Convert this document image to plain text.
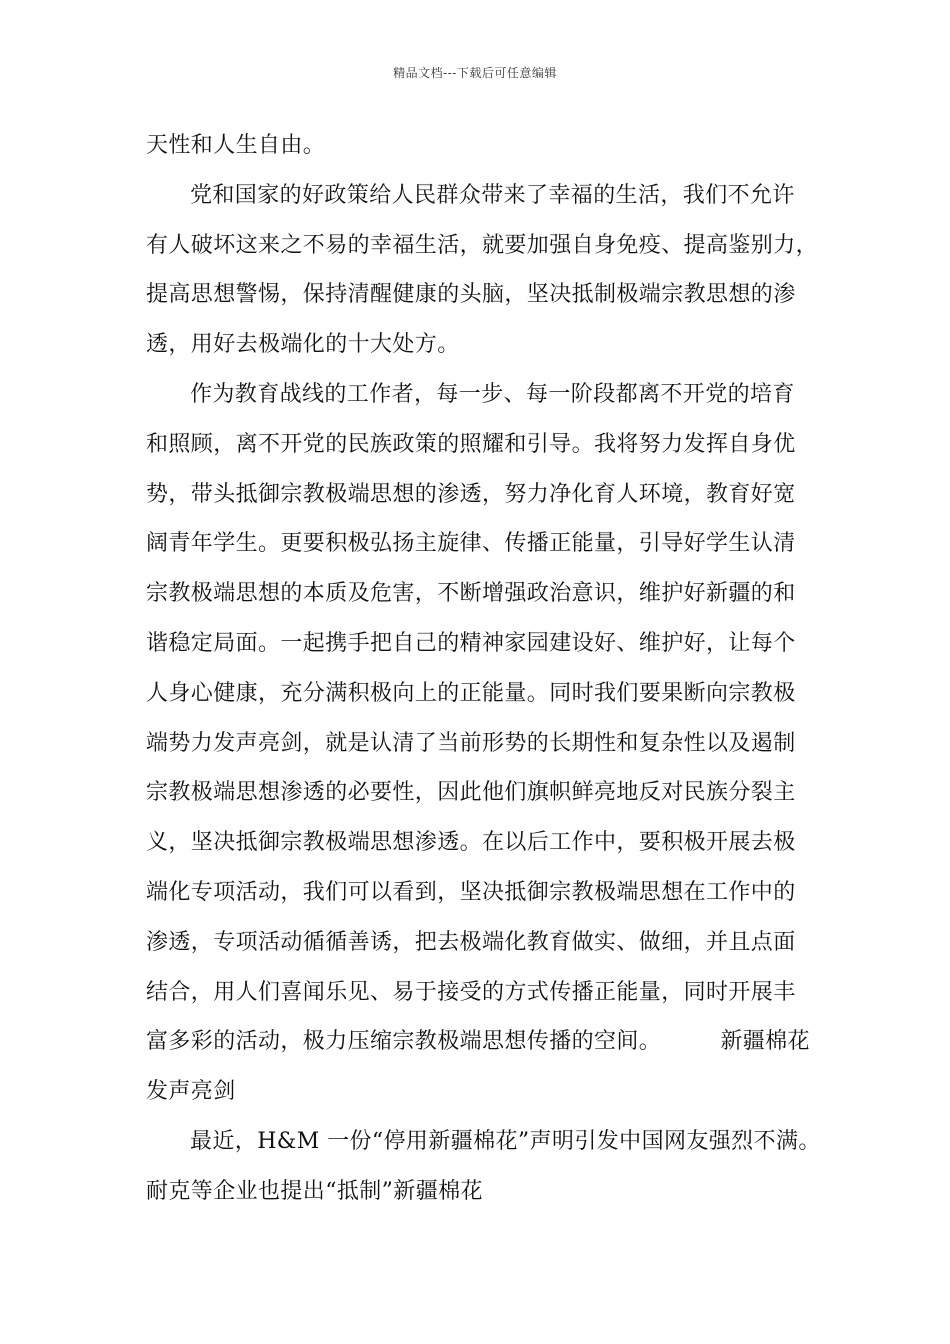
精品文档---下载后可任意编辑
天性和人生自由。
党和国家的好政策给人民群众带来了幸福的生活，我们不允许
有人破坏这来之不易的幸福生活，就要加强自身免疫、提高鉴别力，
提高思想警惕，保持清醒健康的头脑，坚决抵制极端宗教思想的渗
透，用好去极端化的十大处方。
作为教育战线的工作者，每一步、每一阶段都离不开党的培育
和照顾，离不开党的民族政策的照耀和引导。我将努力发挥自身优
势，带头抵御宗教极端思想的渗透，努力净化育人环境，教育好宽
阔青年学生。更要积极弘扬主旋律、传播正能量，引导好学生认清
宗教极端思想的本质及危害，不断增强政治意识，维护好新疆的和
谐稳定局面。一起携手把自己的精神家园建设好、维护好，让每个
人身心健康，充分满积极向上的正能量。同时我们要果断向宗教极
端势力发声亮剑，就是认清了当前形势的长期性和复杂性以及遏制
宗教极端思想渗透的必要性，因此他们旗帜鲜亮地反对民族分裂主
义，坚决抵御宗教极端思想渗透。在以后工作中，要积极开展去极
端化专项活动，我们可以看到，坚决抵御宗教极端思想在工作中的
渗透，专项活动循循善诱，把去极端化教育做实、做细，并且点面
结合，用人们喜闻乐见、易于接受的方式传播正能量，同时开展丰
富多彩的活动，极力压缩宗教极端思想传播的空间。        新疆棉花
发声亮剑
最近，H&M 一份“停用新疆棉花”声明引发中国网友强烈不满。
耐克等企业也提出“抵制”新疆棉花
